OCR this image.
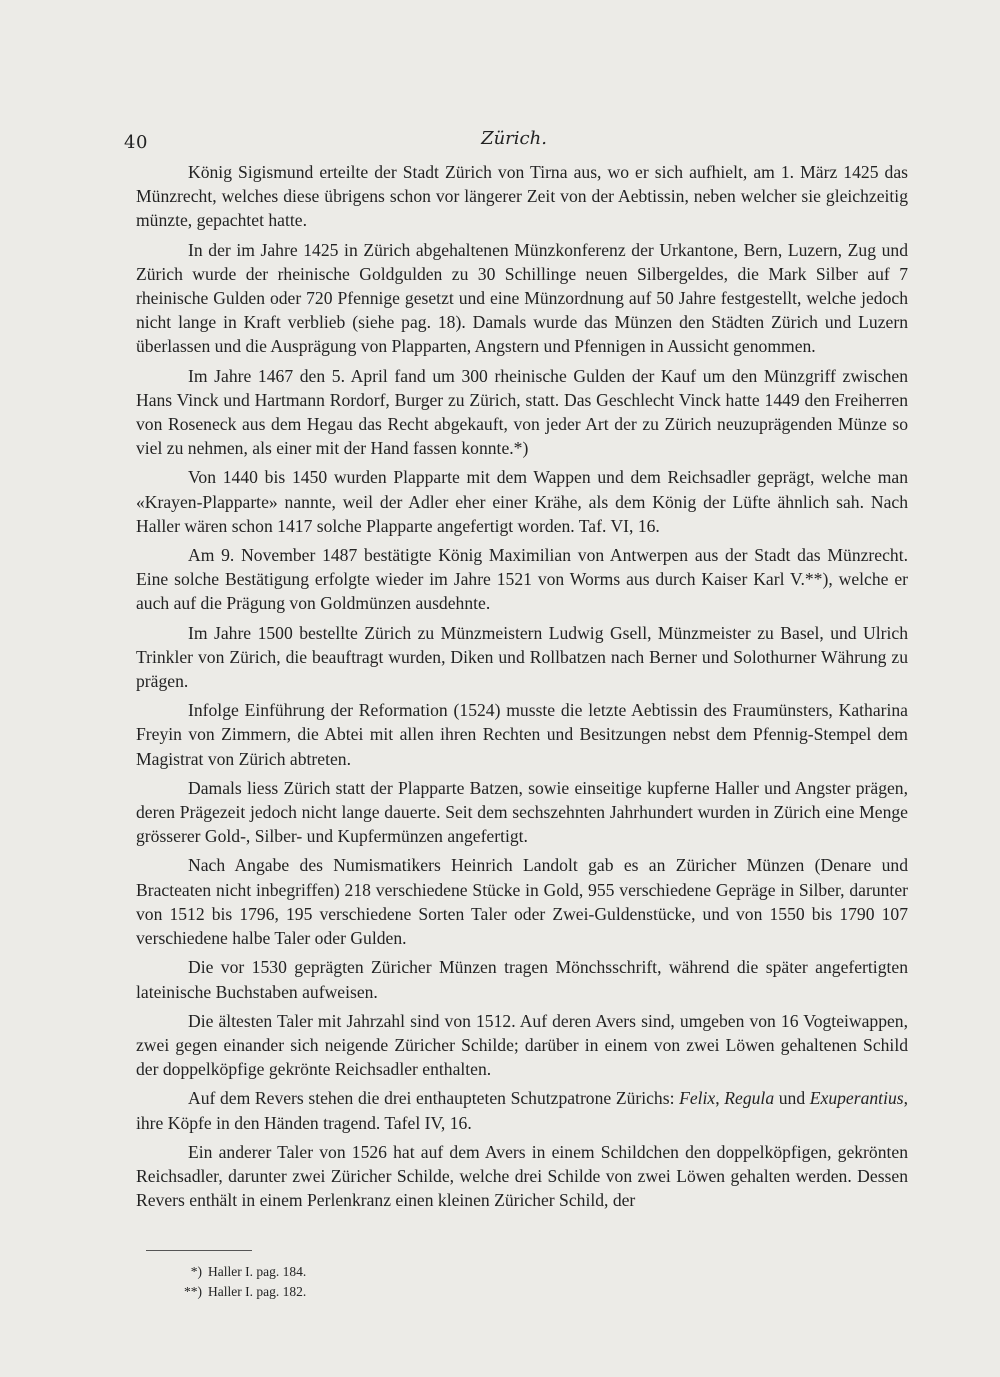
40	Zürich.

König Sigismund erteilte der Stadt Zürich von Tirna aus, wo er sich aufhielt, am 1. März 1425 das Münzrecht, welches diese übrigens schon vor längerer Zeit von der Aebtissin, neben welcher sie gleichzeitig münzte, gepachtet hatte.

In der im Jahre 1425 in Zürich abgehaltenen Münzkonferenz der Urkantone, Bern, Luzern, Zug und Zürich wurde der rheinische Goldgulden zu 30 Schillinge neuen Silbergeldes, die Mark Silber auf 7 rheinische Gulden oder 720 Pfennige gesetzt und eine Münzordnung auf 50 Jahre festgestellt, welche jedoch nicht lange in Kraft verblieb (siehe pag. 18). Damals wurde das Münzen den Städten Zürich und Luzern überlassen und die Ausprägung von Plapparten, Angstern und Pfennigen in Aussicht genommen.

Im Jahre 1467 den 5. April fand um 300 rheinische Gulden der Kauf um den Münzgriff zwischen Hans Vinck und Hartmann Rordorf, Burger zu Zürich, statt. Das Geschlecht Vinck hatte 1449 den Freiherren von Roseneck aus dem Hegau das Recht abgekauft, von jeder Art der zu Zürich neuzuprägenden Münze so viel zu nehmen, als einer mit der Hand fassen konnte.*)

Von 1440 bis 1450 wurden Plapparte mit dem Wappen und dem Reichsadler geprägt, welche man «Krayen-Plapparte» nannte, weil der Adler eher einer Krähe, als dem König der Lüfte ähnlich sah. Nach Haller wären schon 1417 solche Plapparte angefertigt worden. Taf. VI, 16.

Am 9. November 1487 bestätigte König Maximilian von Antwerpen aus der Stadt das Münzrecht. Eine solche Bestätigung erfolgte wieder im Jahre 1521 von Worms aus durch Kaiser Karl V.**), welche er auch auf die Prägung von Goldmünzen ausdehnte.

Im Jahre 1500 bestellte Zürich zu Münzmeistern Ludwig Gsell, Münzmeister zu Basel, und Ulrich Trinkler von Zürich, die beauftragt wurden, Diken und Rollbatzen nach Berner und Solothurner Währung zu prägen.

Infolge Einführung der Reformation (1524) musste die letzte Aebtissin des Fraumünsters, Katharina Freyin von Zimmern, die Abtei mit allen ihren Rechten und Besitzungen nebst dem Pfennig-Stempel dem Magistrat von Zürich abtreten.

Damals liess Zürich statt der Plapparte Batzen, sowie einseitige kupferne Haller und Angster prägen, deren Prägezeit jedoch nicht lange dauerte. Seit dem sechszehnten Jahrhundert wurden in Zürich eine Menge grösserer Gold-, Silber- und Kupfermünzen angefertigt.

Nach Angabe des Numismatikers Heinrich Landolt gab es an Züricher Münzen (Denare und Bracteaten nicht inbegriffen) 218 verschiedene Stücke in Gold, 955 verschiedene Gepräge in Silber, darunter von 1512 bis 1796, 195 verschiedene Sorten Taler oder Zwei-Guldenstücke, und von 1550 bis 1790 107 verschiedene halbe Taler oder Gulden.

Die vor 1530 geprägten Züricher Münzen tragen Mönchsschrift, während die später angefertigten lateinische Buchstaben aufweisen.

Die ältesten Taler mit Jahrzahl sind von 1512. Auf deren Avers sind, umgeben von 16 Vogteiwappen, zwei gegen einander sich neigende Züricher Schilde; darüber in einem von zwei Löwen gehaltenen Schild der doppelköpfige gekrönte Reichsadler enthalten.

Auf dem Revers stehen die drei enthaupteten Schutzpatrone Zürichs: Felix, Regula und Exuperantius, ihre Köpfe in den Händen tragend. Tafel IV, 16.

Ein anderer Taler von 1526 hat auf dem Avers in einem Schildchen den doppelköpfigen, gekrönten Reichsadler, darunter zwei Züricher Schilde, welche drei Schilde von zwei Löwen gehalten werden. Dessen Revers enthält in einem Perlenkranz einen kleinen Züricher Schild, der

*) Haller I. pag. 184.
**) Haller I. pag. 182.
